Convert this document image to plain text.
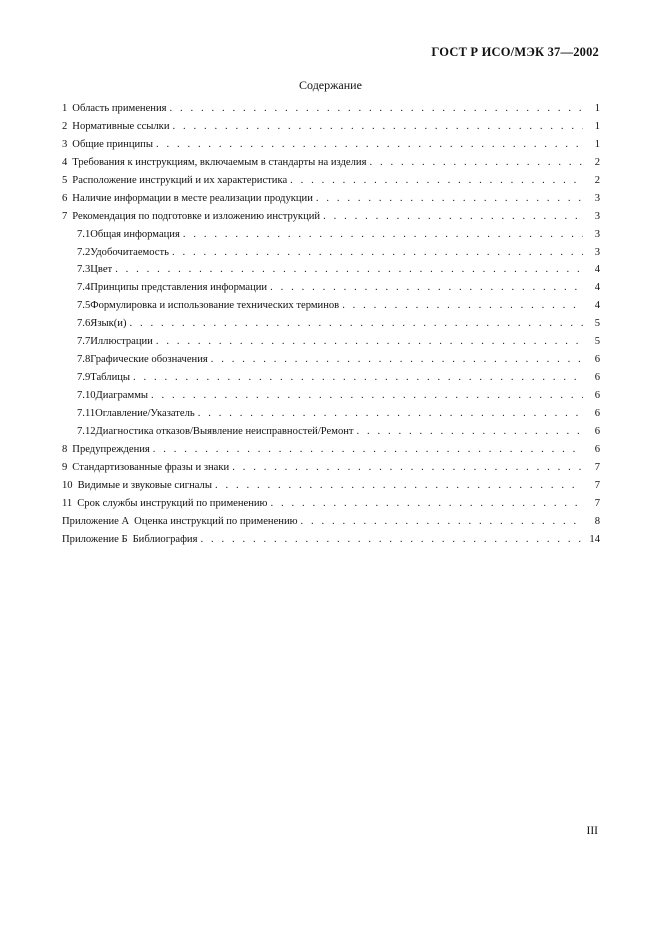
ГОСТ Р ИСО/МЭК 37—2002
Содержание
1 Область применения . . .	1
2 Нормативные ссылки . . .	1
3 Общие принципы . . .	1
4 Требования к инструкциям, включаемым в стандарты на изделия . . .	2
5 Расположение инструкций и их характеристика . . .	2
6 Наличие информации в месте реализации продукции . . .	3
7 Рекомендация по подготовке и изложению инструкций . . .	3
7.1 Общая информация . . .	3
7.2 Удобочитаемость . . .	3
7.3 Цвет . . .	4
7.4 Принципы представления информации . . .	4
7.5 Формулировка и использование технических терминов . . .	4
7.6 Язык(и) . . .	5
7.7 Иллюстрации . . .	5
7.8 Графические обозначения . . .	6
7.9 Таблицы . . .	6
7.10 Диаграммы . . .	6
7.11 Оглавление/Указатель . . .	6
7.12 Диагностика отказов/Выявление неисправностей/Ремонт . . .	6
8 Предупреждения . . .	6
9 Стандартизованные фразы и знаки . . .	7
10 Видимые и звуковые сигналы . . .	7
11 Срок службы инструкций по применению . . .	7
Приложение А Оценка инструкций по применению . . .	8
Приложение Б Библиография . . .	14
III
